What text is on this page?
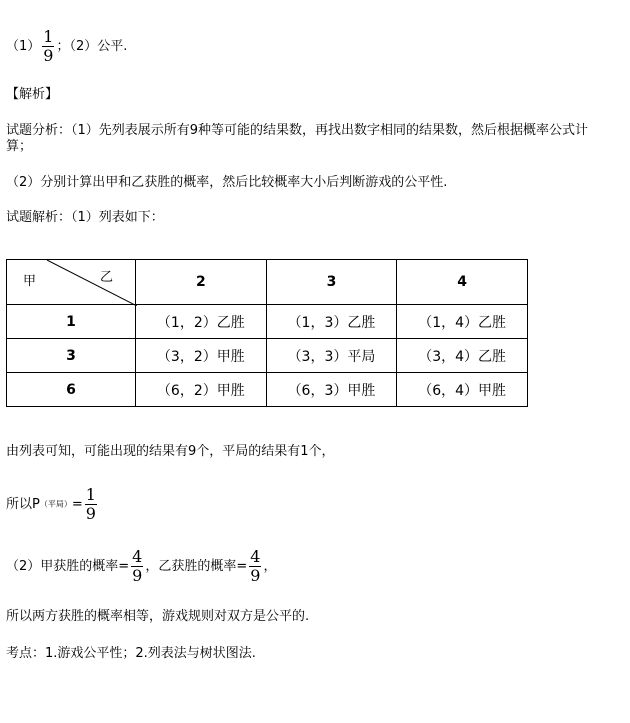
$(1) \frac{1}{9}$ ；（2）公平.
【解析】
试题分析：（1）先列表展示所有9种等可能的结果数，再找出数字相同的结果数，然后根据概率公式计
算；
（2）分别计算出甲和乙获胜的概率，然后比较概率大小后判断游戏的公平性.
试题解析：（1）列表如下：
甲 乙	2	3	4
1	（1，2）乙胜	（1，3）乙胜	（1，4）乙胜
3	（3，2）甲胜	（3，3）平局	（3，4）乙胜
6	（6，2）甲胜	（6，3）甲胜	（6，4）甲胜
由列表可知，可能出现的结果有9个，平局的结果有1个，
所以P（平局）= $\frac{1}{9}$
（2）甲获胜的概率= $\frac{4}{9}$ ，乙获胜的概率= $\frac{4}{9}$ ，
所以两方获胜的概率相等，游戏规则对双方是公平的.
考点：1.游戏公平性；2.列表法与树状图法.
